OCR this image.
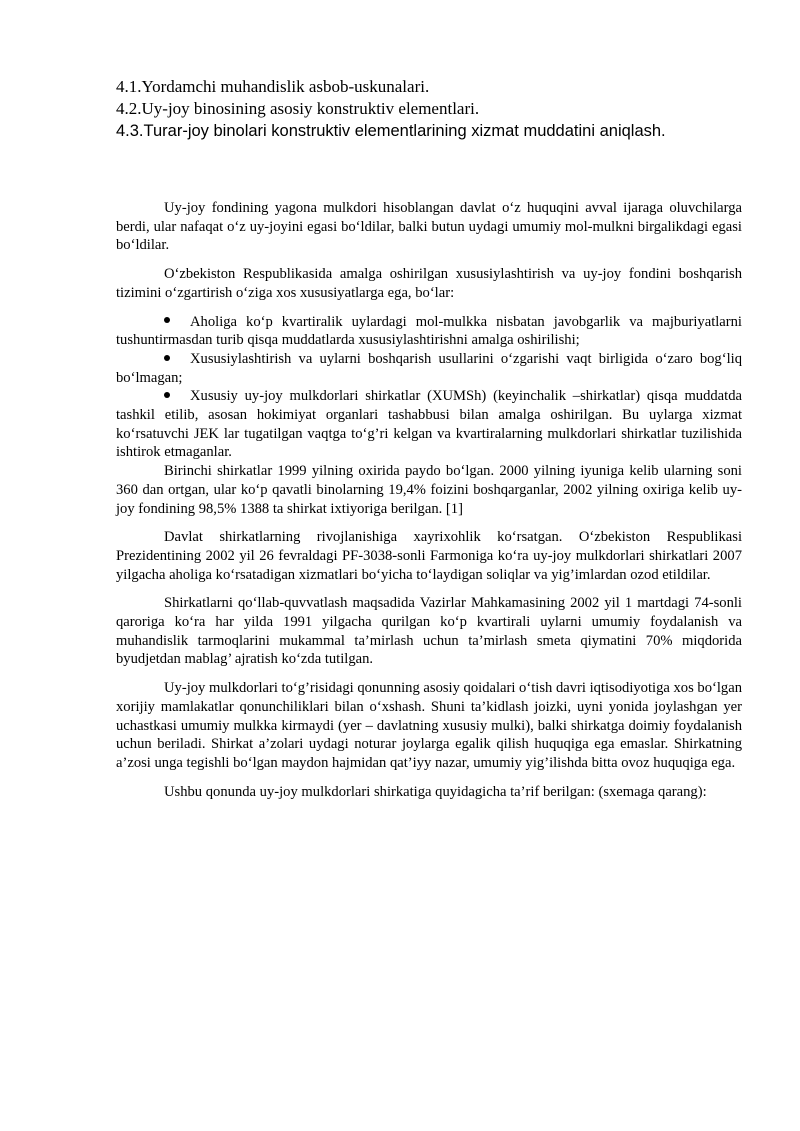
4.1.Yordamchi muhandislik asbob-uskunalari.

4.2.Uy-joy binosining asosiy konstruktiv elementlari.

4.3.Turar-joy binolari konstruktiv elementlarining xizmat muddatini aniqlash.

Uy-joy fondining yagona mulkdori hisoblangan davlat o‘z huquqini avval ijaraga oluvchilarga berdi, ular nafaqat o‘z uy-joyini egasi bo‘ldilar, balki butun uydagi umumiy mol-mulkni birgalikdagi egasi bo‘ldilar.

O‘zbekiston Respublikasida amalga oshirilgan xususiylashtirish va uy-joy fondini boshqarish tizimini o‘zgartirish o‘ziga xos xususiyatlarga ega, bo‘lar:

Aholiga ko‘p kvartiralik uylardagi mol-mulkka nisbatan javobgarlik va majburiyatlarni tushuntirmasdan turib qisqa muddatlarda xususiylashtirishni amalga oshirilishi;

Xususiylashtirish va uylarni boshqarish usullarini o‘zgarishi vaqt birligida o‘zaro bog‘liq bo‘lmagan;

Xususiy uy-joy mulkdorlari shirkatlar (XUMSh) (keyinchalik –shirkatlar) qisqa muddatda tashkil etilib, asosan hokimiyat organlari tashabbusi bilan amalga oshirilgan. Bu uylarga xizmat ko‘rsatuvchi JEK lar tugatilgan vaqtga to‘g’ri kelgan va kvartiralarning mulkdorlari shirkatlar tuzilishida ishtirok etmaganlar.

Birinchi shirkatlar 1999 yilning oxirida paydo bo‘lgan. 2000 yilning iyuniga kelib ularning soni 360 dan ortgan, ular ko‘p qavatli binolarning 19,4% foizini boshqarganlar, 2002 yilning oxiriga kelib uy-joy fondining 98,5% 1388 ta shirkat ixtiyoriga berilgan. [1]

Davlat shirkatlarning rivojlanishiga xayrixohlik ko‘rsatgan. O‘zbekiston Respublikasi Prezidentining 2002 yil 26 fevraldagi PF-3038-sonli Farmoniga ko‘ra uy-joy mulkdorlari shirkatlari 2007 yilgacha aholiga ko‘rsatadigan xizmatlari bo‘yicha to‘laydigan soliqlar va yig’imlardan ozod etildilar.

Shirkatlarni qo‘llab-quvvatlash maqsadida Vazirlar Mahkamasining 2002 yil 1 martdagi 74-sonli qaroriga ko‘ra har yilda 1991 yilgacha qurilgan ko‘p kvartirali uylarni umumiy foydalanish va muhandislik tarmoqlarini mukammal ta’mirlash uchun ta’mirlash smeta qiymatini 70% miqdorida byudjetdan mablag’ ajratish ko‘zda tutilgan.

Uy-joy mulkdorlari to‘g’risidagi qonunning asosiy qoidalari o‘tish davri iqtisodiyotiga xos bo‘lgan xorijiy mamlakatlar qonunchiliklari bilan o‘xshash. Shuni ta’kidlash joizki, uyni yonida joylashgan yer uchastkasi umumiy mulkka kirmaydi (yer – davlatning xususiy mulki), balki shirkatga doimiy foydalanish uchun beriladi. Shirkat a’zolari uydagi noturar joylarga egalik qilish huquqiga ega emaslar. Shirkatning a’zosi unga tegishli bo‘lgan maydon hajmidan qat’iyy nazar, umumiy yig’ilishda bitta ovoz huquqiga ega.

Ushbu qonunda uy-joy mulkdorlari shirkatiga quyidagicha ta’rif berilgan: (sxemaga qarang):
